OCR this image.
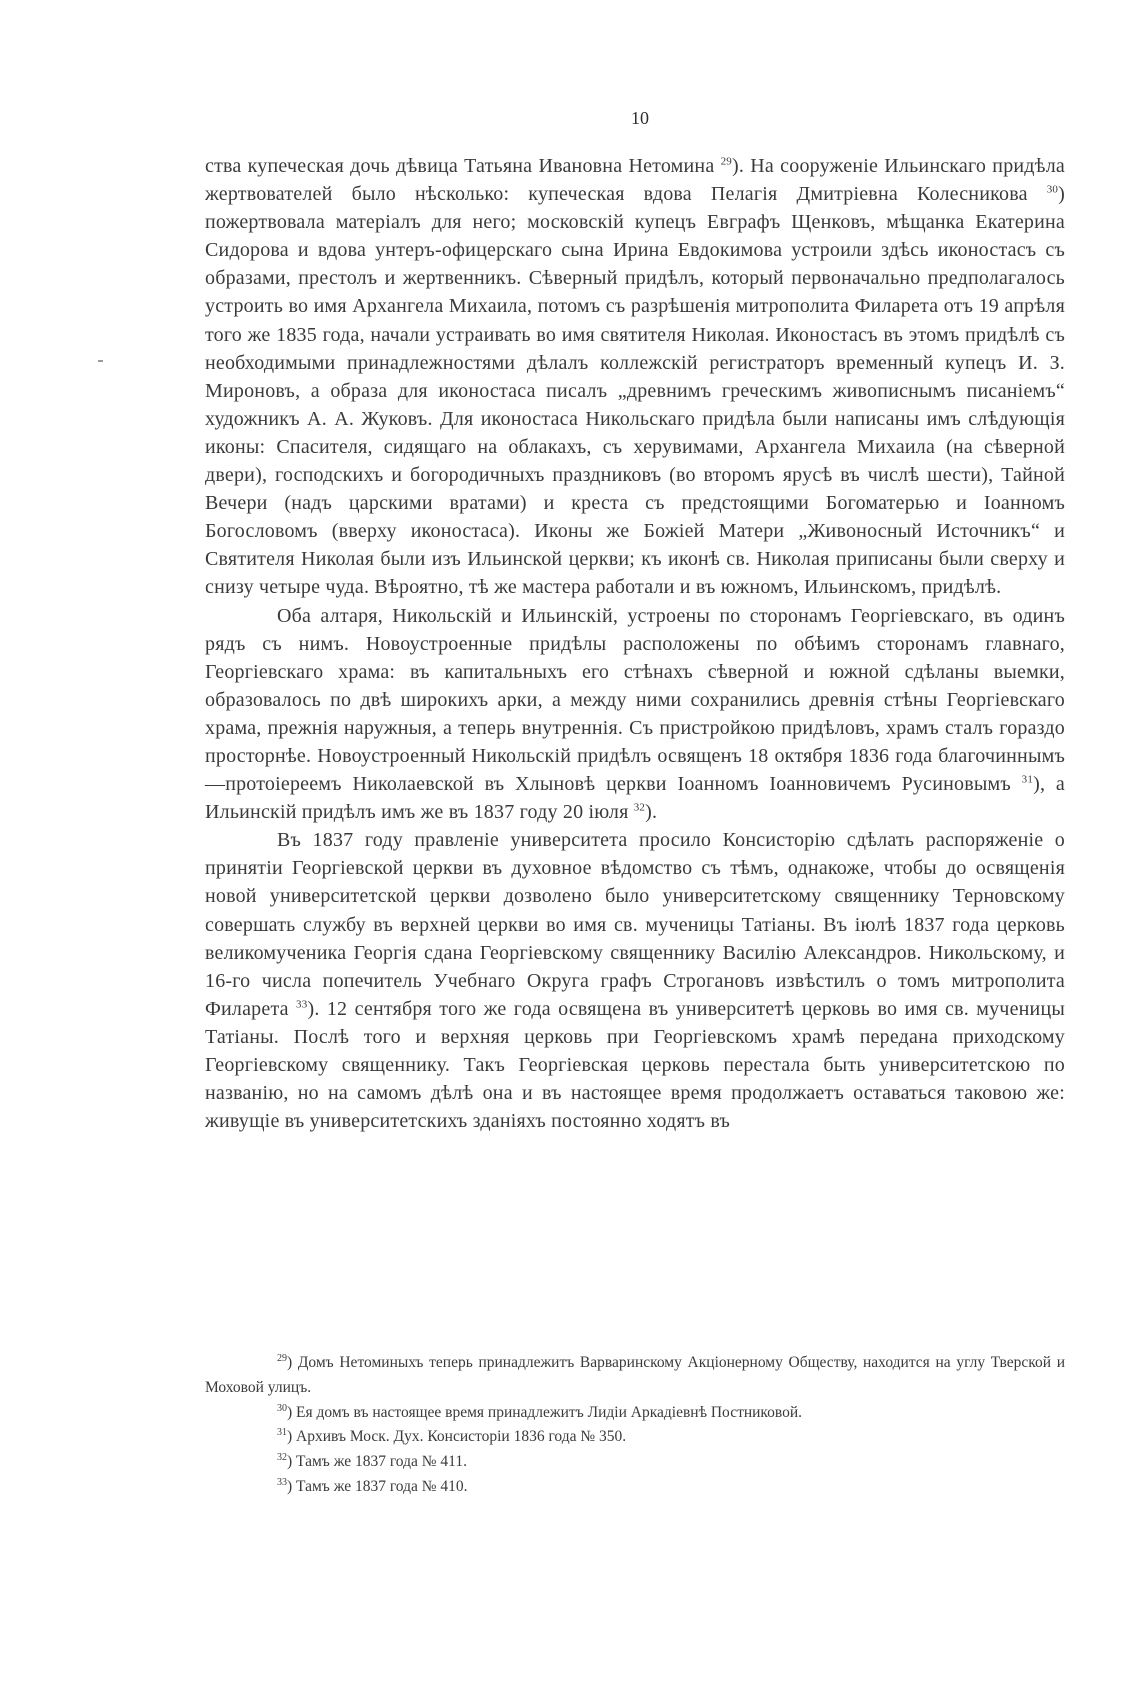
10

ства купеческая дочь дѣвица Татьяна Ивановна Нетомина $^{29}$). На сооруженіе Ильинскаго придѣла жертвователей было нѣсколько: купеческая вдова Пелагія Дмитріевна Колесникова $^{30}$) пожертвовала матеріалъ для него; московскій купецъ Евграфъ Щенковъ, мѣщанка Екатерина Сидорова и вдова унтеръ-офицерскаго сына Ирина Евдокимова устроили здѣсь иконостасъ съ образами, престолъ и жертвенникъ. Сѣверный придѣлъ, который первоначально предполагалось устроить во имя Архангела Михаила, потомъ съ разрѣшенія митрополита Филарета отъ 19 апрѣля того же 1835 года, начали устраивать во имя святителя Николая. Иконостасъ въ этомъ придѣлѣ съ необходимыми принадлежностями дѣлалъ коллежскій регистраторъ временный купецъ И. З. Мироновъ, а образа для иконостаса писалъ „древнимъ греческимъ живописнымъ писаніемъ“ художникъ А. А. Жуковъ. Для иконостаса Никольскаго придѣла были написаны имъ слѣдующія иконы: Спасителя, сидящаго на облакахъ, съ херувимами, Архангела Михаила (на сѣверной двери), господскихъ и богородичныхъ праздниковъ (во второмъ ярусѣ въ числѣ шести), Тайной Вечери (надъ царскими вратами) и креста съ предстоящими Богоматерью и Іоанномъ Богословомъ (вверху иконостаса). Иконы же Божіей Матери „Живоносный Источникъ“ и Святителя Николая были изъ Ильинской церкви; къ иконѣ св. Николая приписаны были сверху и снизу четыре чуда. Вѣроятно, тѣ же мастера работали и въ южномъ, Ильинскомъ, придѣлѣ.

Оба алтаря, Никольскій и Ильинскій, устроены по сторонамъ Георгіевскаго, въ одинъ рядъ съ нимъ. Новоустроенные придѣлы расположены по обѣимъ сторонамъ главнаго, Георгіевскаго храма: въ капитальныхъ его стѣнахъ сѣверной и южной сдѣланы выемки, образовалось по двѣ широкихъ арки, а между ними сохранились древнія стѣны Георгіевскаго храма, прежнія наружныя, а теперь внутреннія. Съ пристройкою придѣловъ, храмъ сталъ гораздо просторнѣе. Новоустроенный Никольскій придѣлъ освященъ 18 октября 1836 года благочиннымъ—протоіереемъ Николаевской въ Хлыновѣ церкви Іоанномъ Іоанновичемъ Русиновымъ $^{31}$), а Ильинскій придѣлъ имъ же въ 1837 году 20 іюля $^{32}$).

Въ 1837 году правленіе университета просило Консисторію сдѣлать распоряженіе о принятіи Георгіевской церкви въ духовное вѣдомство съ тѣмъ, однакоже, чтобы до освященія новой университетской церкви дозволено было университетскому священнику Терновскому совершать службу въ верхней церкви во имя св. мученицы Татіаны. Въ іюлѣ 1837 года церковь великомученика Георгія сдана Георгіевскому священнику Василію Александров. Никольскому, и 16-го числа попечитель Учебнаго Округа графъ Строгановъ извѣстилъ о томъ митрополита Филарета $^{33}$). 12 сентября того же года освящена въ университетѣ церковь во имя св. мученицы Татіаны. Послѣ того и верхняя церковь при Георгіевскомъ храмѣ передана приходскому Георгіевскому священнику. Такъ Георгіевская церковь перестала быть университетскою по названію, но на самомъ дѣлѣ она и въ настоящее время продолжаетъ оставаться таковою же: живущіе въ университетскихъ зданіяхъ постоянно ходятъ въ

$^{29}$) Домъ Нетоминыхъ теперь принадлежитъ Варваринскому Акціонерному Обществу, находится на углу Тверской и Моховой улицъ.

$^{30}$) Ея домъ въ настоящее время принадлежитъ Лидіи Аркадіевнѣ Постниковой.

$^{31}$) Архивъ Моск. Дух. Консисторіи 1836 года № 350.

$^{32}$) Тамъ же 1837 года № 411.

$^{33}$) Тамъ же 1837 года № 410.
